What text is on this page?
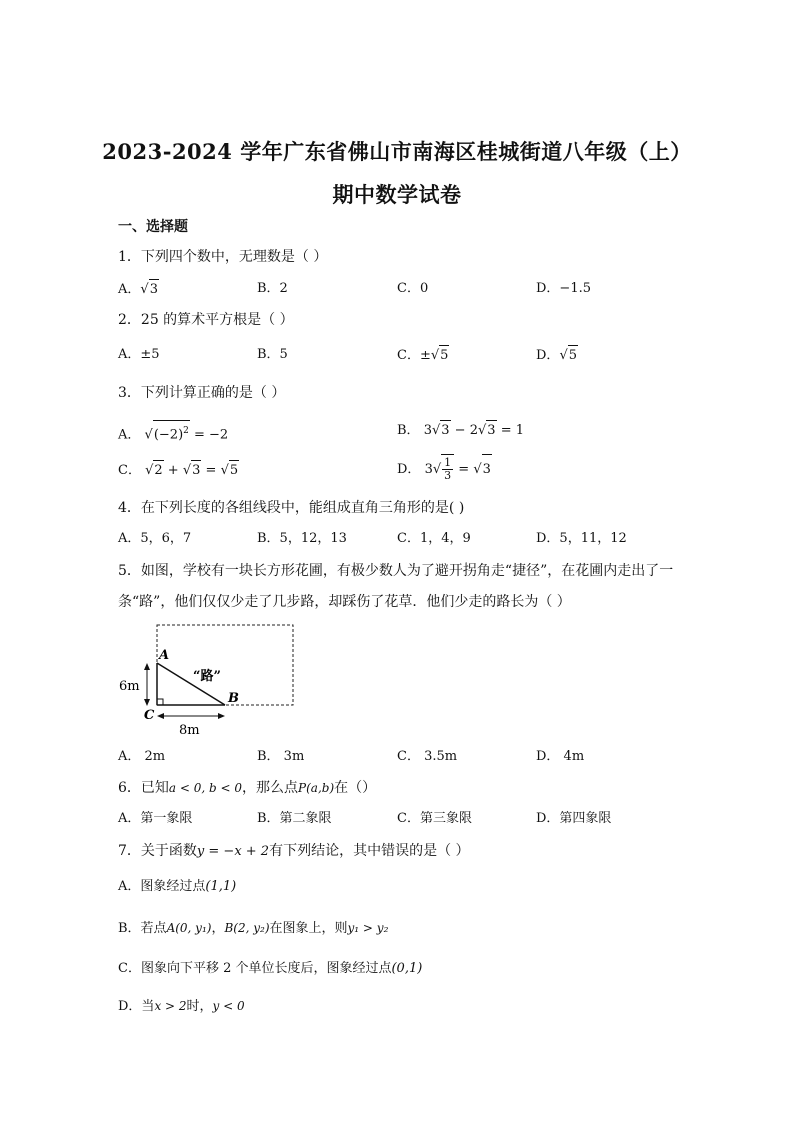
2023-2024 学年广东省佛山市南海区桂城街道八年级（上）
期中数学试卷
一、选择题
1．下列四个数中，无理数是（ ）
A．√3	B．2	C．0	D．−1.5
2．25 的算术平方根是（ ）
A．±5	B．5	C．±√5	D．√5
3．下列计算正确的是（ ）
A． $√(-2)^2 = -2$	B． 3√3 − 2√3 = 1
C． √2 + √3 = √5	D． $3√ \frac{1}{3} = √3$
4．在下列长度的各组线段中，能组成直角三角形的是( )
A．5，6，7	B．5，12，13	C．1，4，9	D．5，11，12
5．如图，学校有一块长方形花圃，有极少数人为了避开拐角走“捷径”，在花圃内走出了一
条“路”，他们仅仅少走了几步路，却踩伤了花草．他们少走的路长为（ ）
A
B
C
“路”
6m
8m
A． 2m	B． 3m	C． 3.5m	D． 4m
6．已知a < 0, b < 0，那么点P(a,b)在（）
A．第一象限	B．第二象限	C．第三象限	D．第四象限
7．关于函数y = −x + 2有下列结论，其中错误的是（ ）
A．图象经过点(1,1)
B．若点A(0, y₁)，B(2, y₂)在图象上，则y₁ > y₂
C．图象向下平移 2 个单位长度后，图象经过点(0,1)
D．当x > 2时，y < 0
